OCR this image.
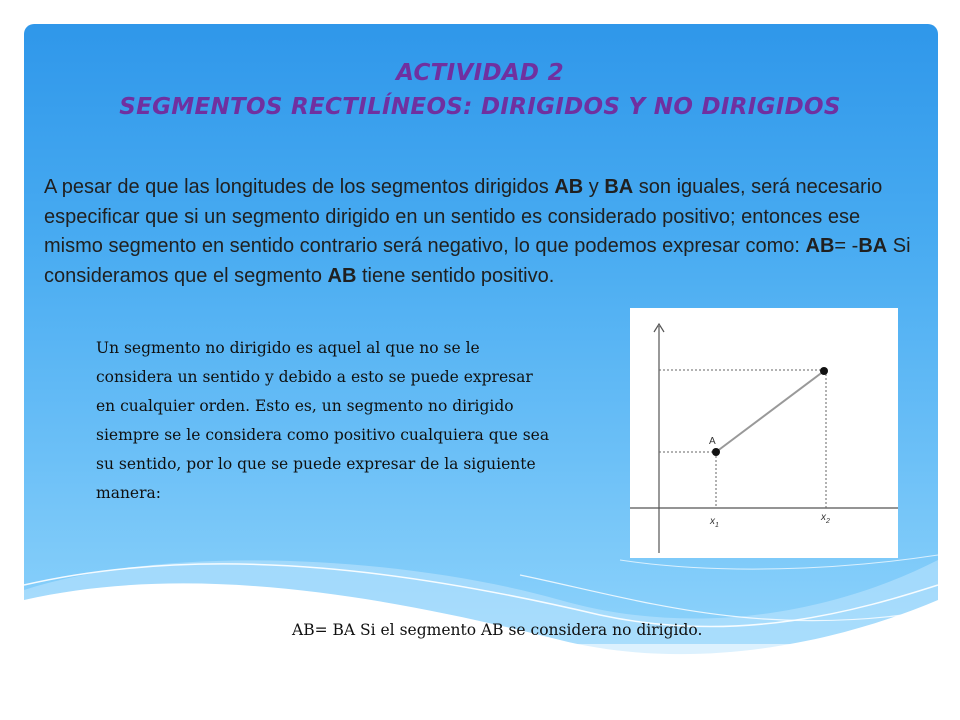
ACTIVIDAD 2
SEGMENTOS RECTILÍNEOS: DIRIGIDOS Y NO DIRIGIDOS
A pesar de que las longitudes de los segmentos dirigidos AB y BA son iguales, será necesario especificar que si un segmento dirigido en un sentido es considerado positivo; entonces ese mismo segmento en sentido contrario será negativo, lo que podemos expresar como: AB= -BA Si consideramos que el segmento AB tiene sentido positivo.
Un segmento no dirigido es aquel al que no se le considera un sentido y debido a esto se puede expresar en cualquier orden. Esto es, un segmento no dirigido siempre se le considera como positivo cualquiera que sea su sentido, por lo que se puede expresar de la siguiente manera:
A
$x_1$
$x_2$
AB= BA Si el segmento AB se considera no dirigido.
